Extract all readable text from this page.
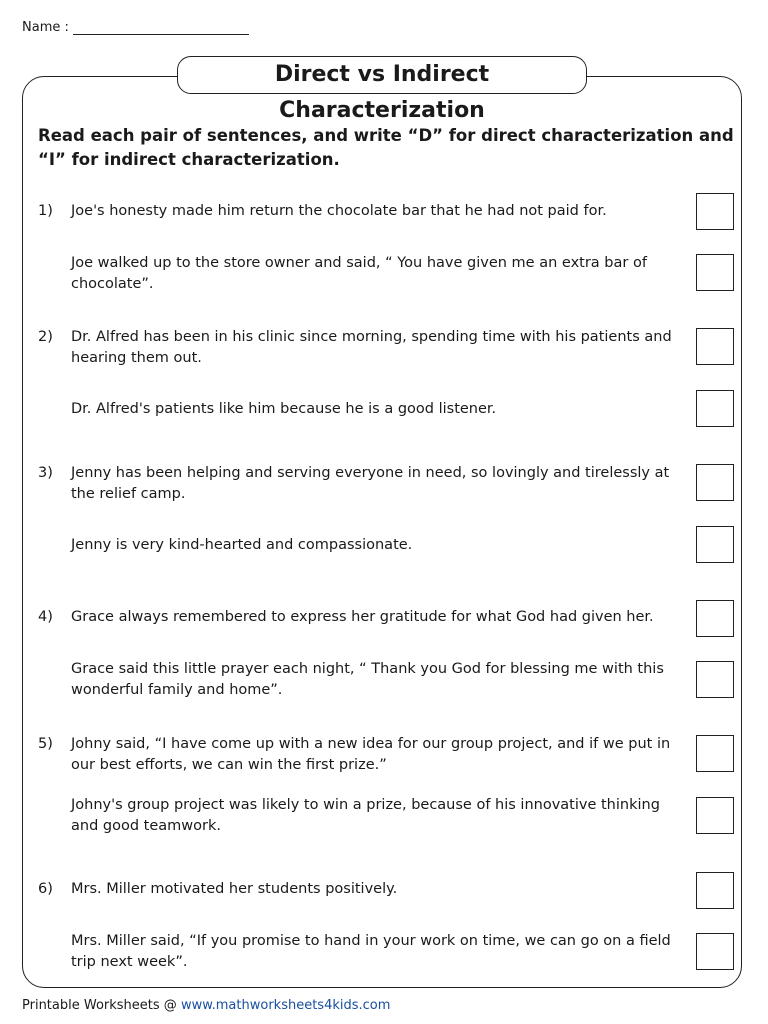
Name :
Direct vs Indirect Characterization
Read each pair of sentences, and write “D” for direct characterization and “I” for indirect characterization.
1) Joe's honesty made him return the chocolate bar that he had not paid for.
Joe walked up to the store owner and said, “ You have given me an extra bar of chocolate”.
2) Dr. Alfred has been in his clinic since morning, spending time with his patients and hearing them out.
Dr. Alfred's patients like him because he is a good listener.
3) Jenny has been helping and serving everyone in need, so lovingly and tirelessly at the relief camp.
Jenny is very kind-hearted and compassionate.
4) Grace always remembered to express her gratitude for what God had given her.
Grace said this little prayer each night, “ Thank you God for blessing me with this wonderful family and home”.
5) Johny said, “I have come up with a new idea for our group project, and if we put in our best efforts, we can win the first prize.”
Johny's group project was likely to win a prize, because of his innovative thinking and good teamwork.
6) Mrs. Miller motivated her students positively.
Mrs. Miller said, “If you promise to hand in your work on time, we can go on a field trip next week”.
Printable Worksheets @ www.mathworksheets4kids.com
